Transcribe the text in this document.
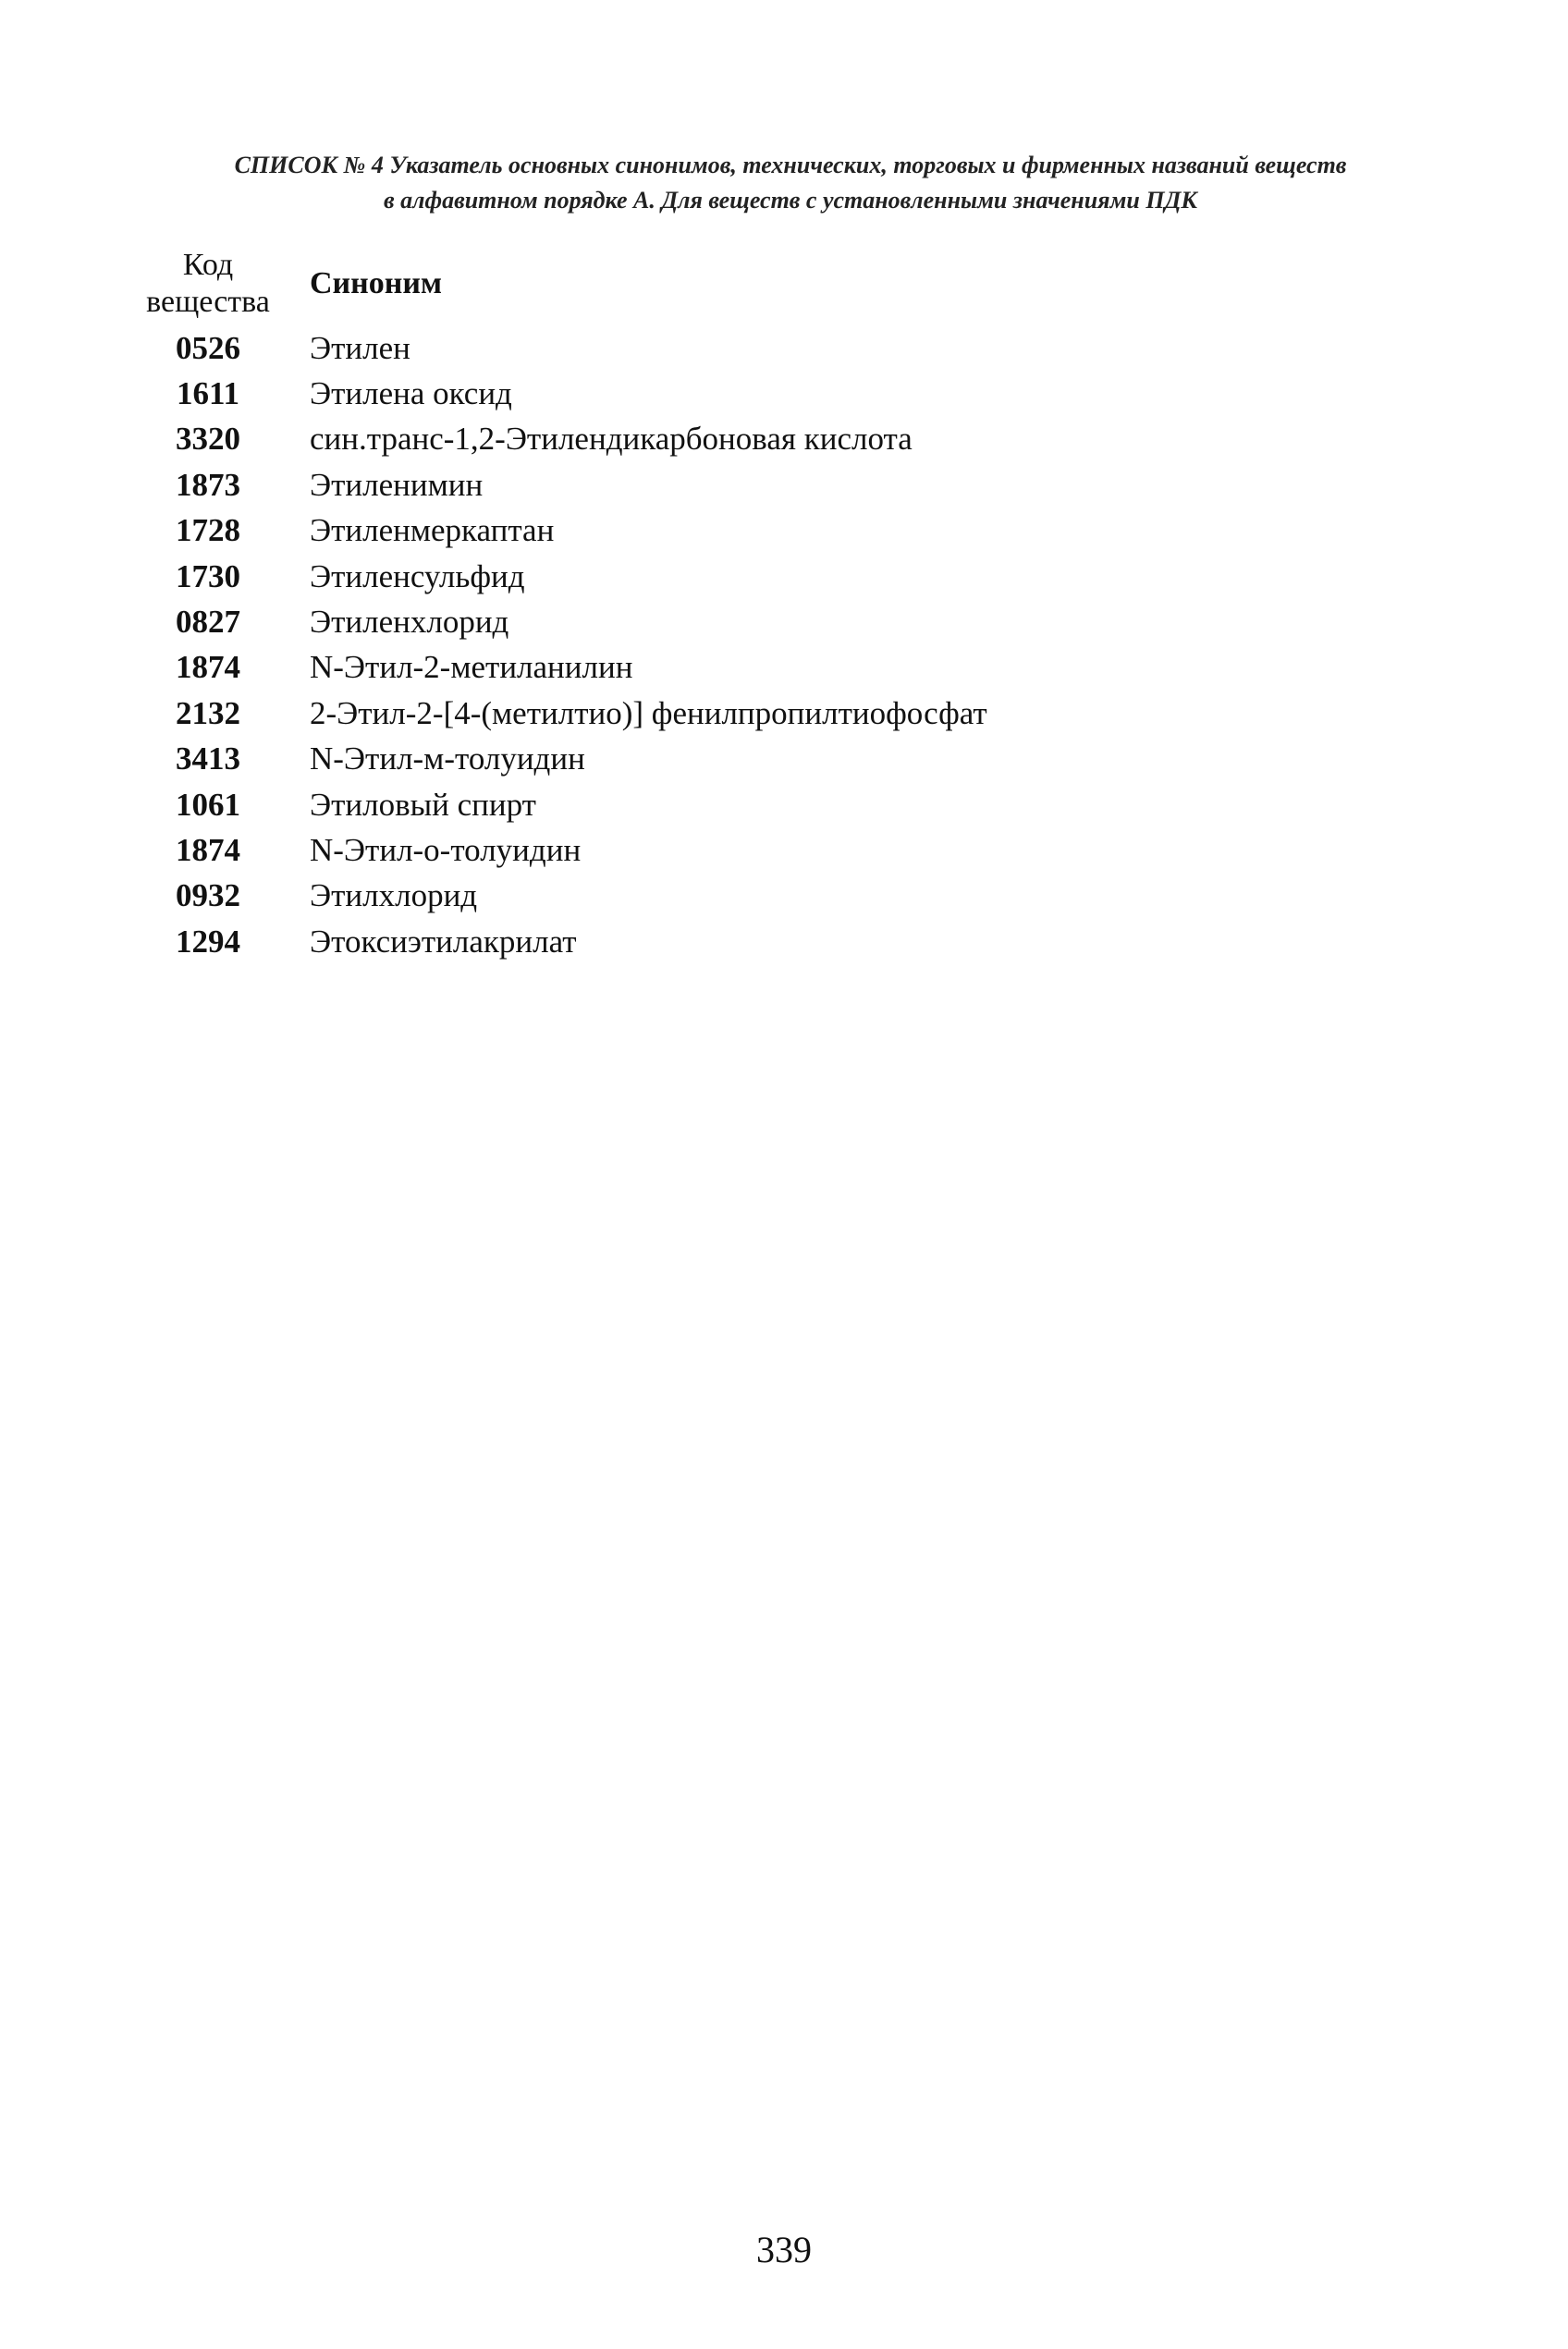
СПИСОК № 4 Указатель основных синонимов, технических, торговых и фирменных названий веществ
в алфавитном порядке А. Для веществ с установленными значениями ПДК
Код
вещества	Синоним
0526	Этилен
1611	Этилена оксид
3320	син.транс-1,2-Этилендикарбоновая кислота
1873	Этиленимин
1728	Этиленмеркаптан
1730	Этиленсульфид
0827	Этиленхлорид
1874	N-Этил-2-метиланилин
2132	2-Этил-2-[4-(метилтио)] фенилпропилтиофосфат
3413	N-Этил-м-толуидин
1061	Этиловый спирт
1874	N-Этил-о-толуидин
0932	Этилхлорид
1294	Этоксиэтилакрилат
339
